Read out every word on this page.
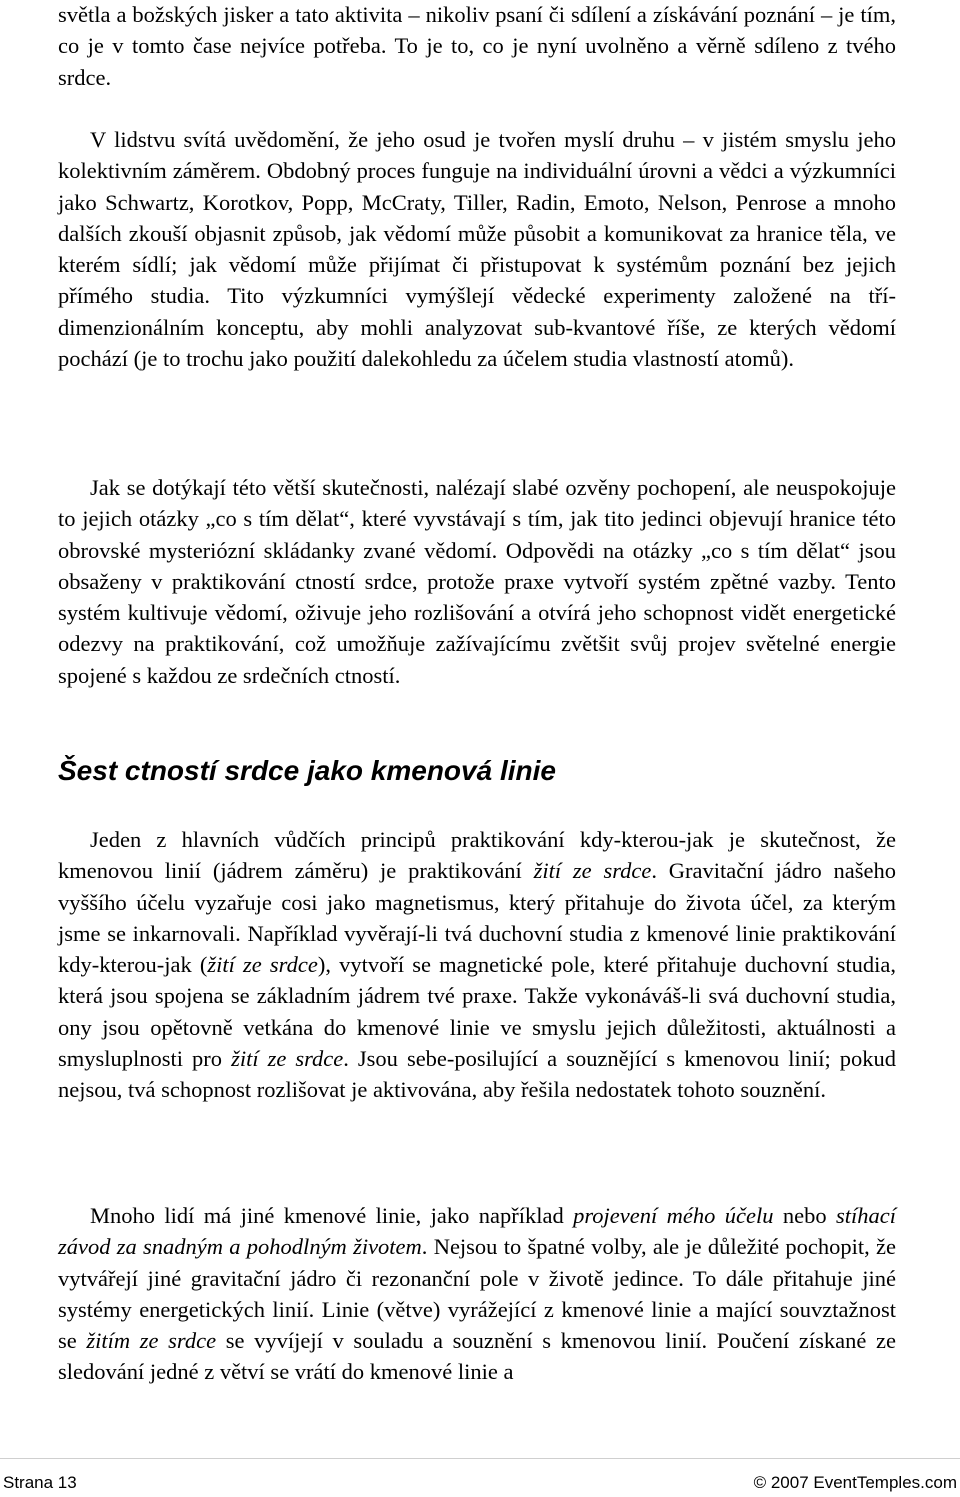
světla a božských jisker a tato aktivita – nikoliv psaní či sdílení a získávání poznání – je tím, co je v tomto čase nejvíce potřeba. To je to, co je nyní uvolněno a věrně sdíleno z tvého srdce.

V lidstvu svítá uvědomění, že jeho osud je tvořen myslí druhu – v jistém smyslu jeho kolektivním záměrem. Obdobný proces funguje na individuální úrovni a vědci a výzkumníci jako Schwartz, Korotkov, Popp, McCraty, Tiller, Radin, Emoto, Nelson, Penrose a mnoho dalších zkouší objasnit způsob, jak vědomí může působit a komunikovat za hranice těla, ve kterém sídlí; jak vědomí může přijímat či přistupovat k systémům poznání bez jejich přímého studia. Tito výzkumníci vymýšlejí vědecké experimenty založené na tří-dimenzionálním konceptu, aby mohli analyzovat sub-kvantové říše, ze kterých vědomí pochází (je to trochu jako použití dalekohledu za účelem studia vlastností atomů).

Jak se dotýkají této větší skutečnosti, nalézají slabé ozvěny pochopení, ale neuspokojuje to jejich otázky „co s tím dělat“, které vyvstávají s tím, jak tito jedinci objevují hranice této obrovské mysteriózní skládanky zvané vědomí. Odpovědi na otázky „co s tím dělat“ jsou obsaženy v praktikování ctností srdce, protože praxe vytvoří systém zpětné vazby. Tento systém kultivuje vědomí, oživuje jeho rozlišování a otvírá jeho schopnost vidět energetické odezvy na praktikování, což umožňuje zažívajícímu zvětšit svůj projev světelné energie spojené s každou ze srdečních ctností.

Šest ctností srdce jako kmenová linie

Jeden z hlavních vůdčích principů praktikování kdy-kterou-jak je skutečnost, že kmenovou linií (jádrem záměru) je praktikování žití ze srdce. Gravitační jádro našeho vyššího účelu vyzařuje cosi jako magnetismus, který přitahuje do života účel, za kterým jsme se inkarnovali. Například vyvěrají-li tvá duchovní studia z kmenové linie praktikování kdy-kterou-jak (žití ze srdce), vytvoří se magnetické pole, které přitahuje duchovní studia, která jsou spojena se základním jádrem tvé praxe. Takže vykonáváš-li svá duchovní studia, ony jsou opětovně vetkána do kmenové linie ve smyslu jejich důležitosti, aktuálnosti a smysluplnosti pro žití ze srdce. Jsou sebe-posilující a souznějící s kmenovou linií; pokud nejsou, tvá schopnost rozlišovat je aktivována, aby řešila nedostatek tohoto souznění.

Mnoho lidí má jiné kmenové linie, jako například projevení mého účelu nebo stíhací závod za snadným a pohodlným životem. Nejsou to špatné volby, ale je důležité pochopit, že vytvářejí jiné gravitační jádro či rezonanční pole v životě jedince. To dále přitahuje jiné systémy energetických linií. Linie (větve) vyrážející z kmenové linie a mající souvztažnost se žitím ze srdce se vyvíjejí v souladu a souznění s kmenovou linií. Poučení získané ze sledování jedné z větví se vrátí do kmenové linie a

Strana 13	© 2007 EventTemples.com
